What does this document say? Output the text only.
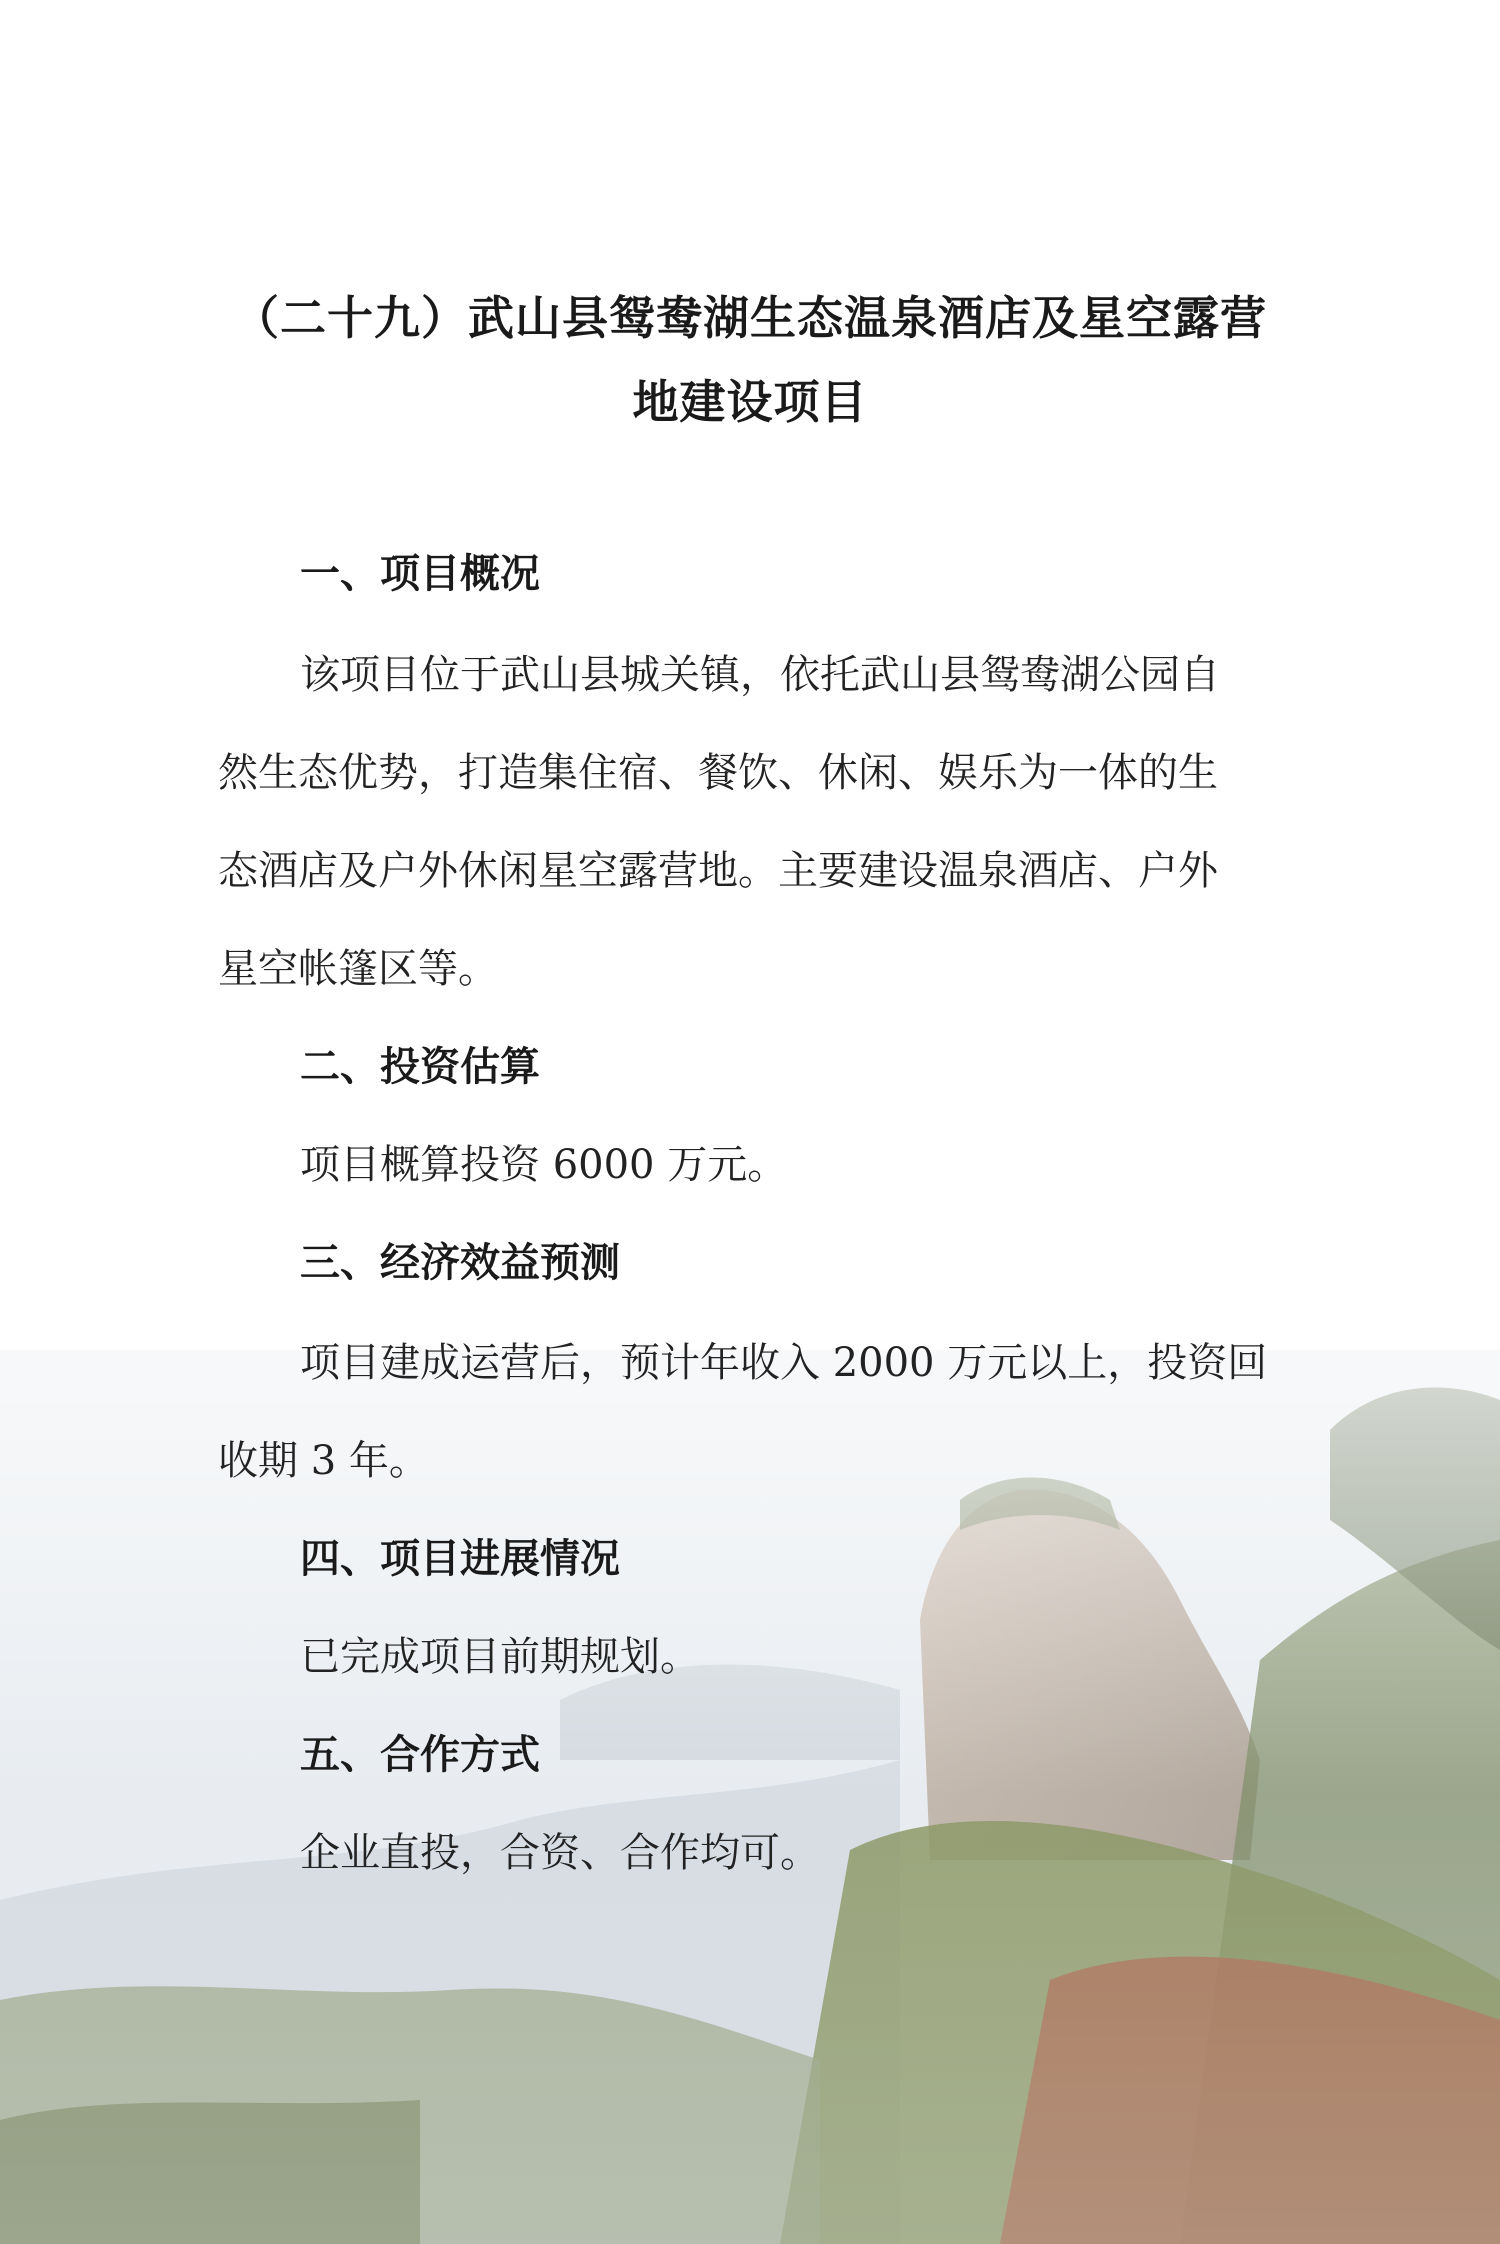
（二十九）武山县鸳鸯湖生态温泉酒店及星空露营
地建设项目
一、项目概况

该项目位于武山县城关镇，依托武山县鸳鸯湖公园自

然生态优势，打造集住宿、餐饮、休闲、娱乐为一体的生

态酒店及户外休闲星空露营地。主要建设温泉酒店、户外

星空帐篷区等。

二、投资估算

项目概算投资 6000 万元。

三、经济效益预测

项目建成运营后，预计年收入 2000 万元以上，投资回

收期 3 年。

四、项目进展情况

已完成项目前期规划。

五、合作方式

企业直投，合资、合作均可。
